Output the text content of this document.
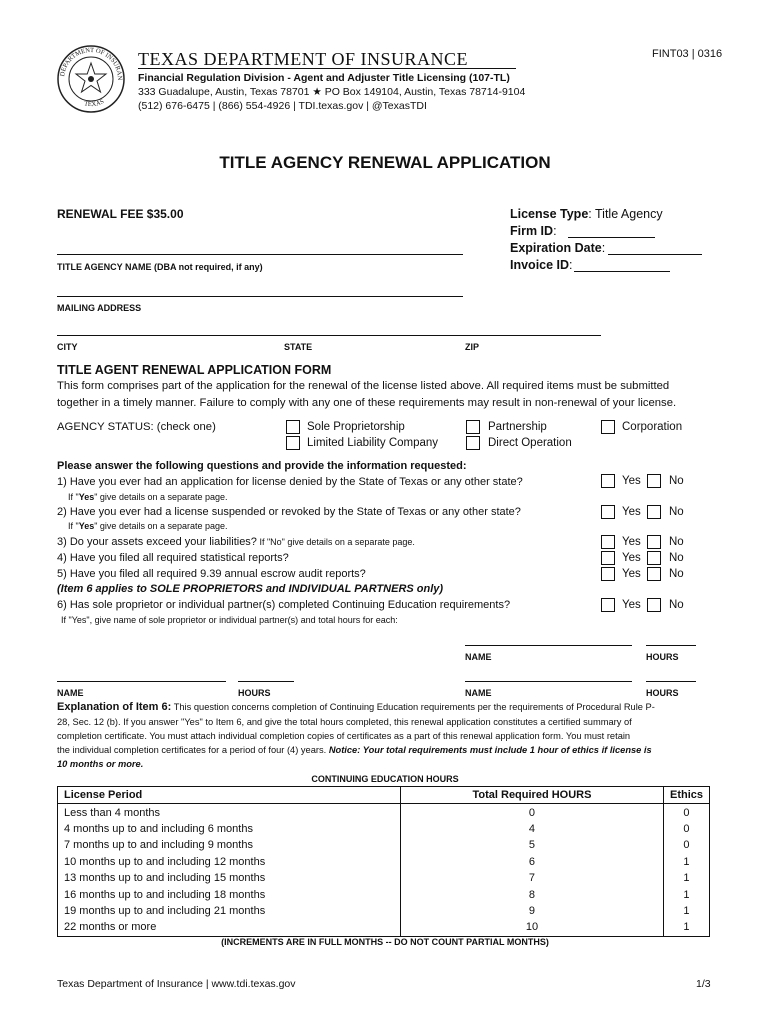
DEPARTMENT OF INSURAN
TEXAS
TEXAS DEPARTMENT OF INSURANCE	FINT03 | 0316
Financial Regulation Division - Agent and Adjuster Title Licensing (107-TL)
333 Guadalupe, Austin, Texas 78701 ★ PO Box 149104, Austin, Texas 78714-9104
(512) 676-6475 | (866) 554-4926 | TDI.texas.gov | @TexasTDI
TITLE AGENCY RENEWAL APPLICATION
RENEWAL FEE $35.00	License Type: Title Agency
Firm ID:
Expiration Date:
Invoice ID:
TITLE AGENCY NAME (DBA not required, if any)
MAILING ADDRESS
CITY	STATE	ZIP
TITLE AGENT RENEWAL APPLICATION FORM
This form comprises part of the application for the renewal of the license listed above. All required items must be submitted
together in a timely manner. Failure to comply with any one of these requirements may result in non-renewal of your license.
AGENCY STATUS: (check one)	Sole Proprietorship
Limited Liability Company
Partnership
Direct Operation
Corporation
Please answer the following questions and provide the information requested:
1) Have you ever had an application for license denied by the State of Texas or any other state?
If "Yes" give details on a separate page.
Yes No
2) Have you ever had a license suspended or revoked by the State of Texas or any other state?
If "Yes" give details on a separate page.
Yes No
3) Do your assets exceed your liabilities? If "No" give details on a separate page.	Yes No
4) Have you filed all required statistical reports?	Yes No
5) Have you filed all required 9.39 annual escrow audit reports?	Yes No
(Item 6 applies to SOLE PROPRIETORS and INDIVIDUAL PARTNERS only)
6) Has sole proprietor or individual partner(s) completed Continuing Education requirements?	Yes No
If "Yes", give name of sole proprietor or individual partner(s) and total hours for each:
NAME	HOURS
NAME	HOURS	NAME	HOURS
Explanation of Item 6: This question concerns completion of Continuing Education requirements per the requirements of Procedural Rule P-
28, Sec. 12 (b). If you answer "Yes" to Item 6, and give the total hours completed, this renewal application constitutes a certified summary of
completion certificate. You must attach individual completion copies of certificates as a part of this renewal application form. You must retain
the individual completion certificates for a period of four (4) years. Notice: Your total requirements must include 1 hour of ethics if license is
10 months or more.
CONTINUING EDUCATION HOURS
License Period	Total Required HOURS	Ethics
Less than 4 months	0	0
4 months up to and including 6 months	4	0
7 months up to and including 9 months	5	0
10 months up to and including 12 months	6	1
13 months up to and including 15 months	7	1
16 months up to and including 18 months	8	1
19 months up to and including 21 months	9	1
22 months or more	10	1
(INCREMENTS ARE IN FULL MONTHS -- DO NOT COUNT PARTIAL MONTHS)
Texas Department of Insurance | www.tdi.texas.gov	1/3
